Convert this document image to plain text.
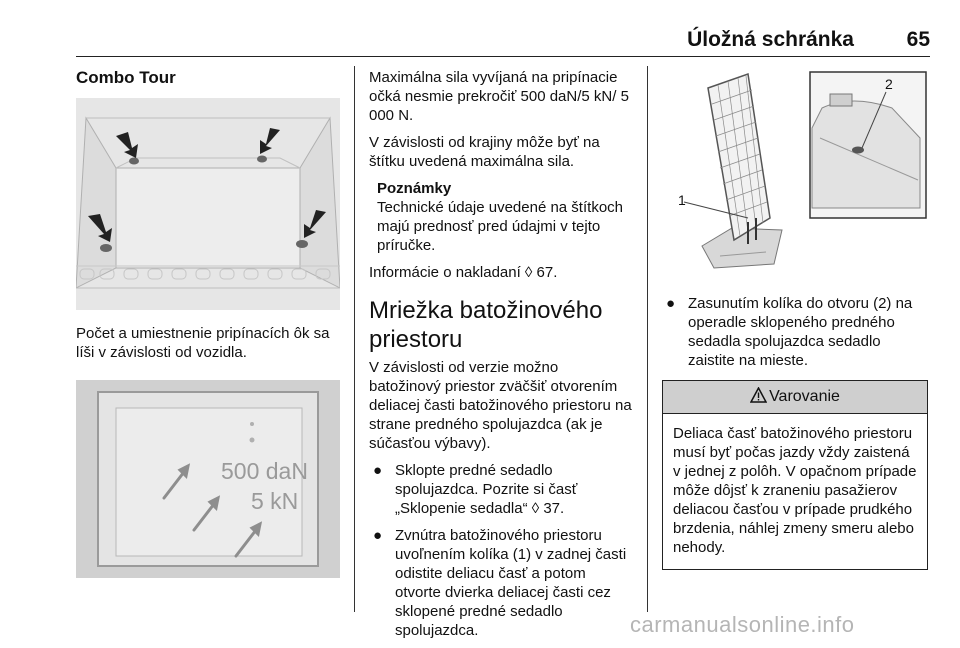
Úložná schránka	65
Combo Tour
Počet a umiestnenie pripínacích ôk sa líši v závislosti od vozidla.
500 daN
5 kN
Maximálna sila vyvíjaná na pripínacie očká nesmie prekročiť 500 daN/5 kN/ 5 000 N.
V závislosti od krajiny môže byť na štítku uvedená maximálna sila.
Poznámky
Technické údaje uvedené na štítkoch majú prednosť pred údajmi v tejto príručke.
Informácie o nakladaní ◊ 67.
Mriežka batožinového priestoru
V závislosti od verzie možno batožinový priestor zväčšiť otvorením deliacej časti batožinového priestoru na strane predného spolujazdca (ak je súčasťou výbavy).
● Sklopte predné sedadlo spolujazdca. Pozrite si časť „Sklopenie sedadla“ ◊ 37.
● Zvnútra batožinového priestoru uvoľnením kolíka (1) v zadnej časti odistite deliacu časť a potom otvorte dvierka deliacej časti cez sklopené predné sedadlo spolujazdca.
1
2
● Zasunutím kolíka do otvoru (2) na operadle sklopeného predného sedadla spolujazdca sedadlo zaistite na mieste.
Varovanie
Deliaca časť batožinového priestoru musí byť počas jazdy vždy zaistená v jednej z polôh. V opačnom prípade môže dôjsť k zraneniu pasažierov deliacou časťou v prípade prudkého brzdenia, náhlej zmeny smeru alebo nehody.
carmanualsonline.info
